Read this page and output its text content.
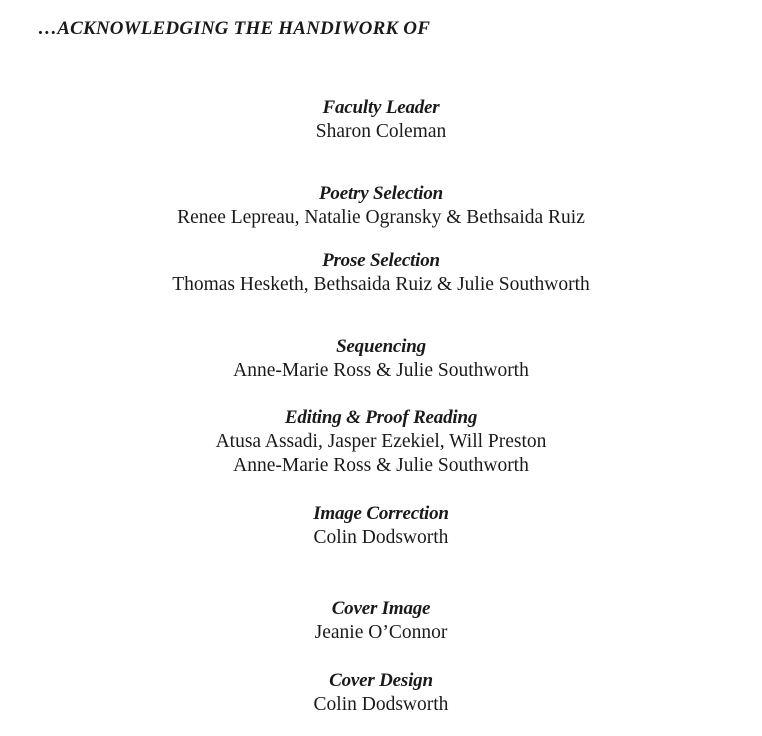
…ACKNOWLEDGING THE HANDIWORK OF
Faculty Leader
Sharon Coleman
Poetry Selection
Renee Lepreau, Natalie Ogransky & Bethsaida Ruiz
Prose Selection
Thomas Hesketh, Bethsaida Ruiz & Julie Southworth
Sequencing
Anne-Marie Ross & Julie Southworth
Editing & Proof Reading
Atusa Assadi, Jasper Ezekiel, Will Preston
Anne-Marie Ross & Julie Southworth
Image Correction
Colin Dodsworth
Cover Image
Jeanie O’Connor
Cover Design
Colin Dodsworth
